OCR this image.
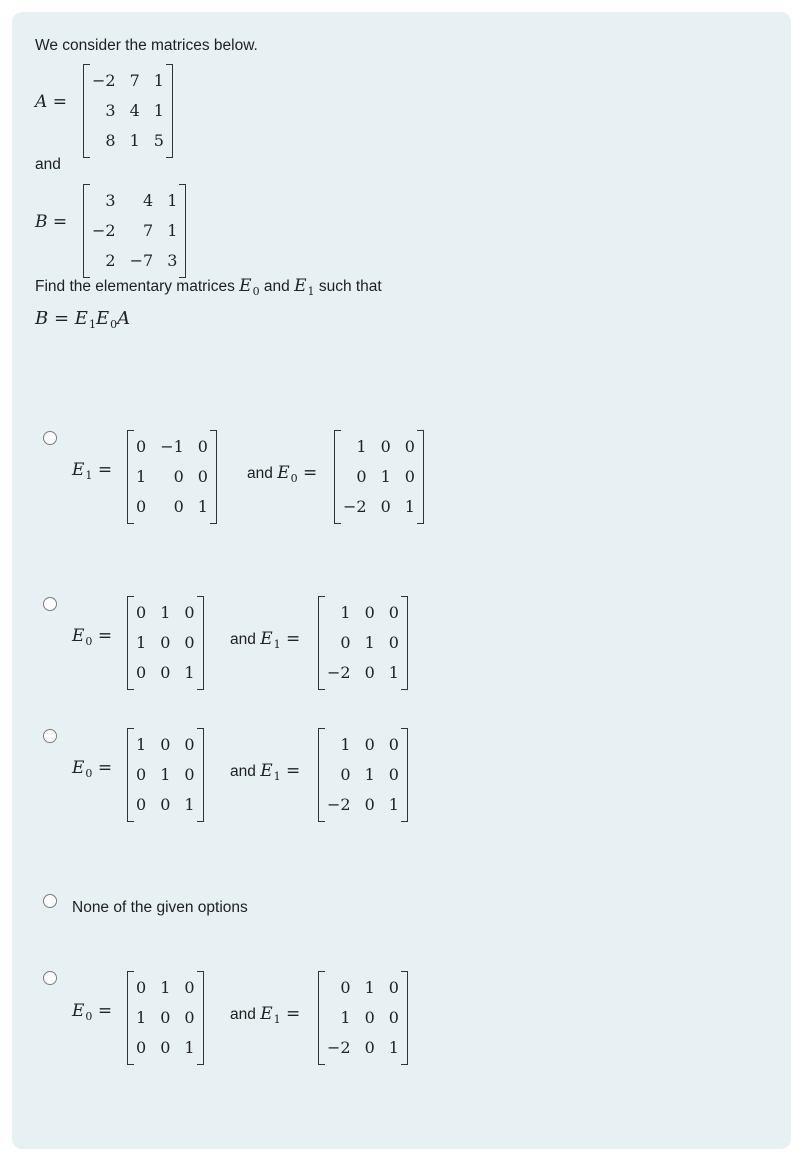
We consider the matrices below.
A =
−2 7 1
3 4 1
8 1 5
and
B =
3	4 1
−2	7 1
2 −7 3
Find the elementary matrices $E_0$ and $E_1$ such that
$B = E_1E_0A$
$E_1$ =
0 −1 0
1	0 0
0	0 1
and $E_0$ =
1 0 0
0 1 0
−2 0 1
$E_0$ =
0 1 0
1 0 0
0 0 1
and $E_1$ =
1 0 0
0 1 0
−2 0 1
$E_0$ =
1 0 0
0 1 0
0 0 1
and $E_1$ =
1 0 0
0 1 0
−2 0 1
None of the given options
$E_0$ =
0 1 0
1 0 0
0 0 1
and $E_1$ =
0 1 0
1 0 0
−2 0 1
